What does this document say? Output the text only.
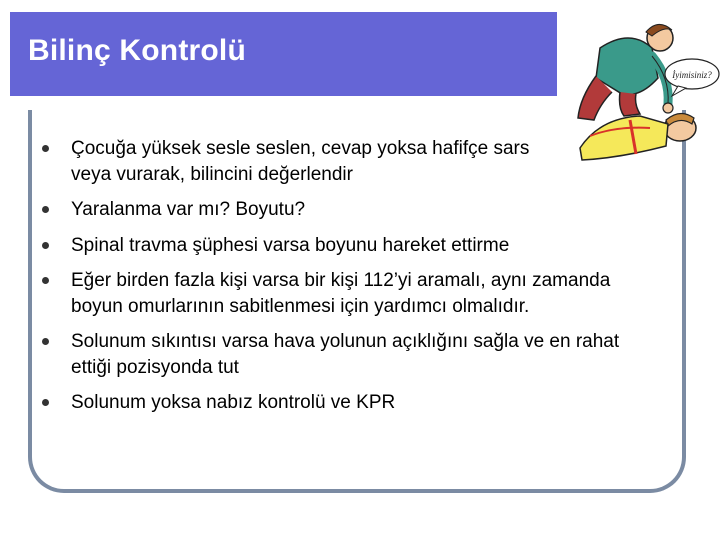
Bilinç Kontrolü
Çocuğa yüksek sesle seslen, cevap yoksa hafifçe sars veya vurarak, bilincini değerlendir
Yaralanma var mı? Boyutu?
Spinal travma şüphesi varsa boyunu hareket ettirme
Eğer birden fazla kişi varsa bir kişi 112’yi aramalı, aynı zamanda boyun omurlarının sabitlenmesi için yardımcı olmalıdır.
Solunum sıkıntısı varsa hava yolunun açıklığını sağla ve en rahat ettiği pozisyonda tut
Solunum yoksa nabız kontrolü ve KPR
İyimisiniz?
